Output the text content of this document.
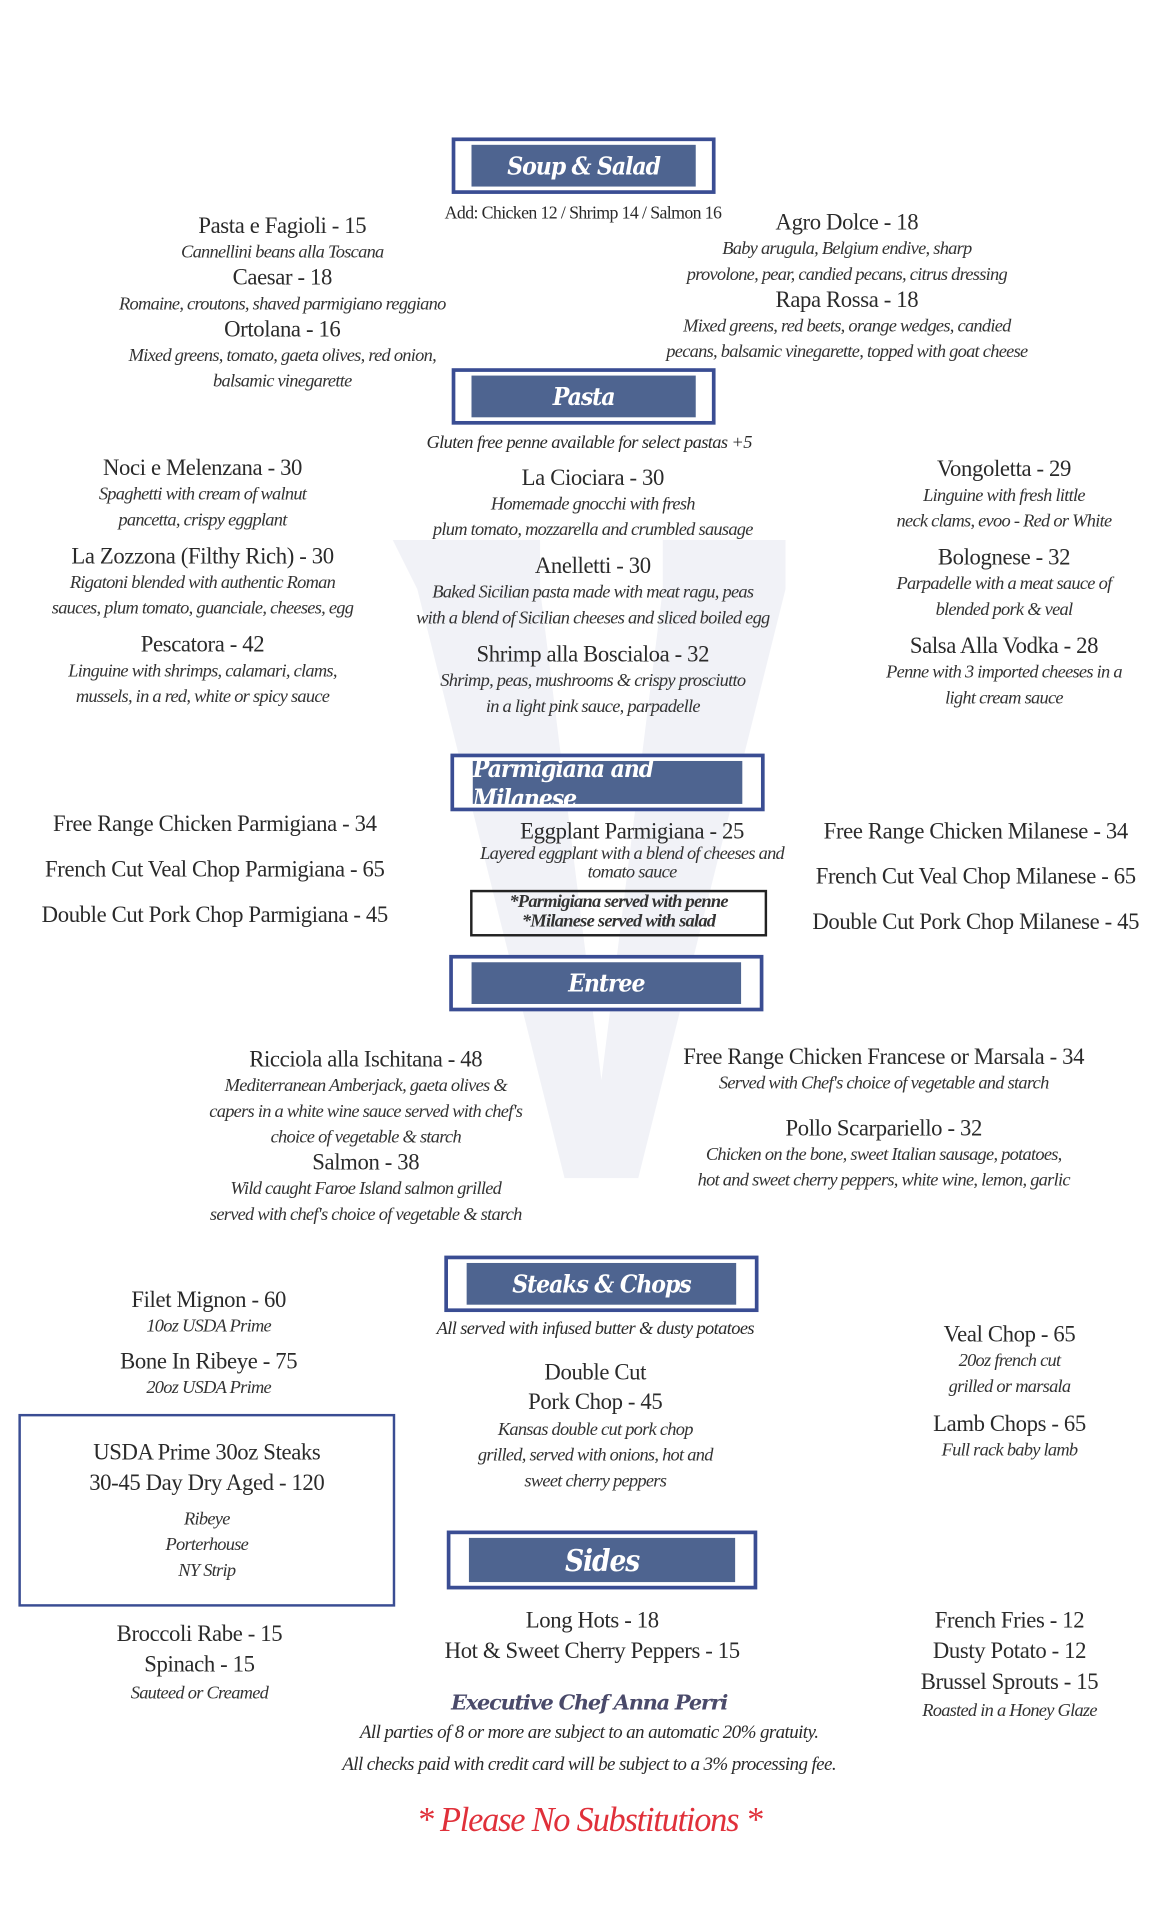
Soup & Salad
Add: Chicken 12 / Shrimp 14 / Salmon 16
Pasta e Fagioli - 15
Cannellini beans alla Toscana
Caesar - 18
Romaine, croutons, shaved parmigiano reggiano
Ortolana - 16
Mixed greens, tomato, gaeta olives, red onion,
balsamic vinegarette
Agro Dolce - 18
Baby arugula, Belgium endive, sharp
provolone, pear, candied pecans, citrus dressing
Rapa Rossa - 18
Mixed greens, red beets, orange wedges, candied
pecans, balsamic vinegarette, topped with goat cheese
Pasta
Gluten free penne available for select pastas +5
Noci e Melenzana - 30
Spaghetti with cream of walnut
pancetta, crispy eggplant
La Zozzona (Filthy Rich) - 30
Rigatoni blended with authentic Roman
sauces, plum tomato, guanciale, cheeses, egg
Pescatora - 42
Linguine with shrimps, calamari, clams,
mussels, in a red, white or spicy sauce
La Ciociara - 30
Homemade gnocchi with fresh
plum tomato, mozzarella and crumbled sausage
Anelletti - 30
Baked Sicilian pasta made with meat ragu, peas
with a blend of Sicilian cheeses and sliced boiled egg
Shrimp alla Boscialoa - 32
Shrimp, peas, mushrooms & crispy prosciutto
in a light pink sauce, parpadelle
Vongoletta - 29
Linguine with fresh little
neck clams, evoo - Red or White
Bolognese - 32
Parpadelle with a meat sauce of
blended pork & veal
Salsa Alla Vodka - 28
Penne with 3 imported cheeses in a
light cream sauce
Parmigiana and Milanese
Free Range Chicken Parmigiana - 34
French Cut Veal Chop Parmigiana - 65
Double Cut Pork Chop Parmigiana - 45
Eggplant Parmigiana - 25
Layered eggplant with a blend of cheeses and
tomato sauce
*Parmigiana served with penne
*Milanese served with salad
Free Range Chicken Milanese - 34
French Cut Veal Chop Milanese - 65
Double Cut Pork Chop Milanese - 45
Entree
Ricciola alla Ischitana - 48
Mediterranean Amberjack, gaeta olives &
capers in a white wine sauce served with chef's
choice of vegetable & starch
Salmon - 38
Wild caught Faroe Island salmon grilled
served with chef's choice of vegetable & starch
Free Range Chicken Francese or Marsala - 34
Served with Chef's choice of vegetable and starch
Pollo Scarpariello - 32
Chicken on the bone, sweet Italian sausage, potatoes,
hot and sweet cherry peppers, white wine, lemon, garlic
Steaks & Chops
All served with infused butter & dusty potatoes
Filet Mignon - 60
10oz USDA Prime
Bone In Ribeye - 75
20oz USDA Prime
USDA Prime 30oz Steaks
30-45 Day Dry Aged - 120
Ribeye
Porterhouse
NY Strip
Double Cut
Pork Chop - 45
Kansas double cut pork chop
grilled, served with onions, hot and
sweet cherry peppers
Veal Chop - 65
20oz french cut
grilled or marsala
Lamb Chops - 65
Full rack baby lamb
Sides
Broccoli Rabe - 15
Spinach - 15
Sauteed or Creamed
Long Hots - 18
Hot & Sweet Cherry Peppers - 15
French Fries - 12
Dusty Potato - 12
Brussel Sprouts - 15
Roasted in a Honey Glaze
Executive Chef Anna Perri
All parties of 8 or more are subject to an automatic 20% gratuity.
All checks paid with credit card will be subject to a 3% processing fee.
* Please No Substitutions *
